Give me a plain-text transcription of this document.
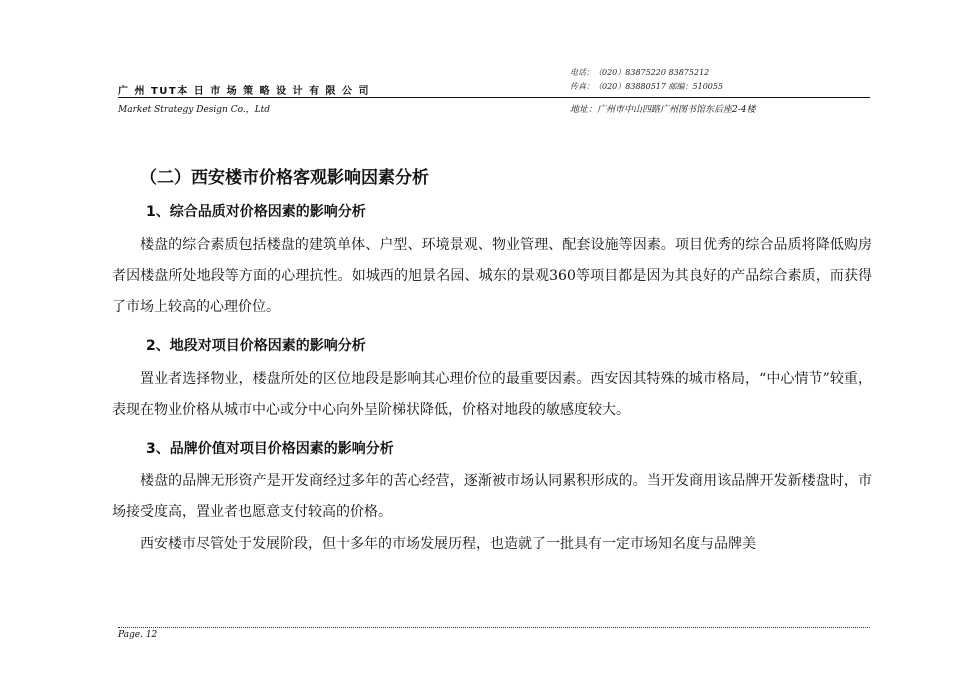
电话：（020）83875220 83875212
传真：（020）83880517 邮编：510055
广 州 TUT本 日 市 场 策 略 设 计 有 限 公 司
Market Strategy Design Co.，Ltd	地址：广州市中山四路广州图书馆东后座2-4楼
（二）西安楼市价格客观影响因素分析
1、综合品质对价格因素的影响分析

楼盘的综合素质包括楼盘的建筑单体、户型、环境景观、物业管理、配套设施等因素。项目优秀的综合品质将降低购房者因楼盘所处地段等方面的心理抗性。如城西的旭景名园、城东的景观360等项目都是因为其良好的产品综合素质，而获得了市场上较高的心理价位。

2、地段对项目价格因素的影响分析

置业者选择物业，楼盘所处的区位地段是影响其心理价位的最重要因素。西安因其特殊的城市格局，“中心情节”较重，表现在物业价格从城市中心或分中心向外呈阶梯状降低，价格对地段的敏感度较大。

3、品牌价值对项目价格因素的影响分析

楼盘的品牌无形资产是开发商经过多年的苦心经营，逐渐被市场认同累积形成的。当开发商用该品牌开发新楼盘时，市场接受度高，置业者也愿意支付较高的价格。

西安楼市尽管处于发展阶段，但十多年的市场发展历程，也造就了一批具有一定市场知名度与品牌美

Page. 12
